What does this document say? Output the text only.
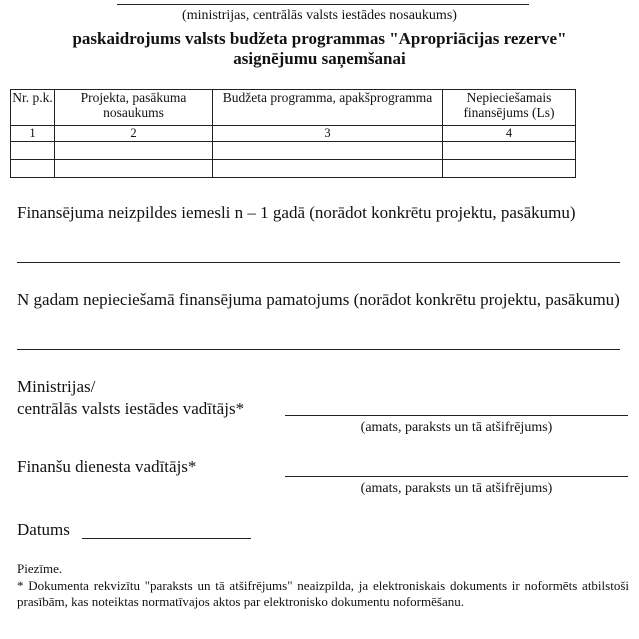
(ministrijas, centrālās valsts iestādes nosaukums)
paskaidrojums valsts budžeta programmas "Apropriācijas rezerve"
asignējumu saņemšanai
Nr. p.k.	Projekta, pasākuma nosaukums	Budžeta programma, apakšprogramma	Nepieciešamais finansējums (Ls)
1	2	3	4

Finansējuma neizpildes iemesli n – 1 gadā (norādot konkrētu projektu, pasākumu)
N gadam nepieciešamā finansējuma pamatojums (norādot konkrētu projektu, pasākumu)
Ministrijas/
centrālās valsts iestādes vadītājs*
(amats, paraksts un tā atšifrējums)
Finanšu dienesta vadītājs*
(amats, paraksts un tā atšifrējums)
Datums
Piezīme.
* Dokumenta rekvizītu "paraksts un tā atšifrējums" neaizpilda, ja elektroniskais dokuments ir noformēts atbilstoši prasībām, kas noteiktas normatīvajos aktos par elektronisko dokumentu noformēšanu.
